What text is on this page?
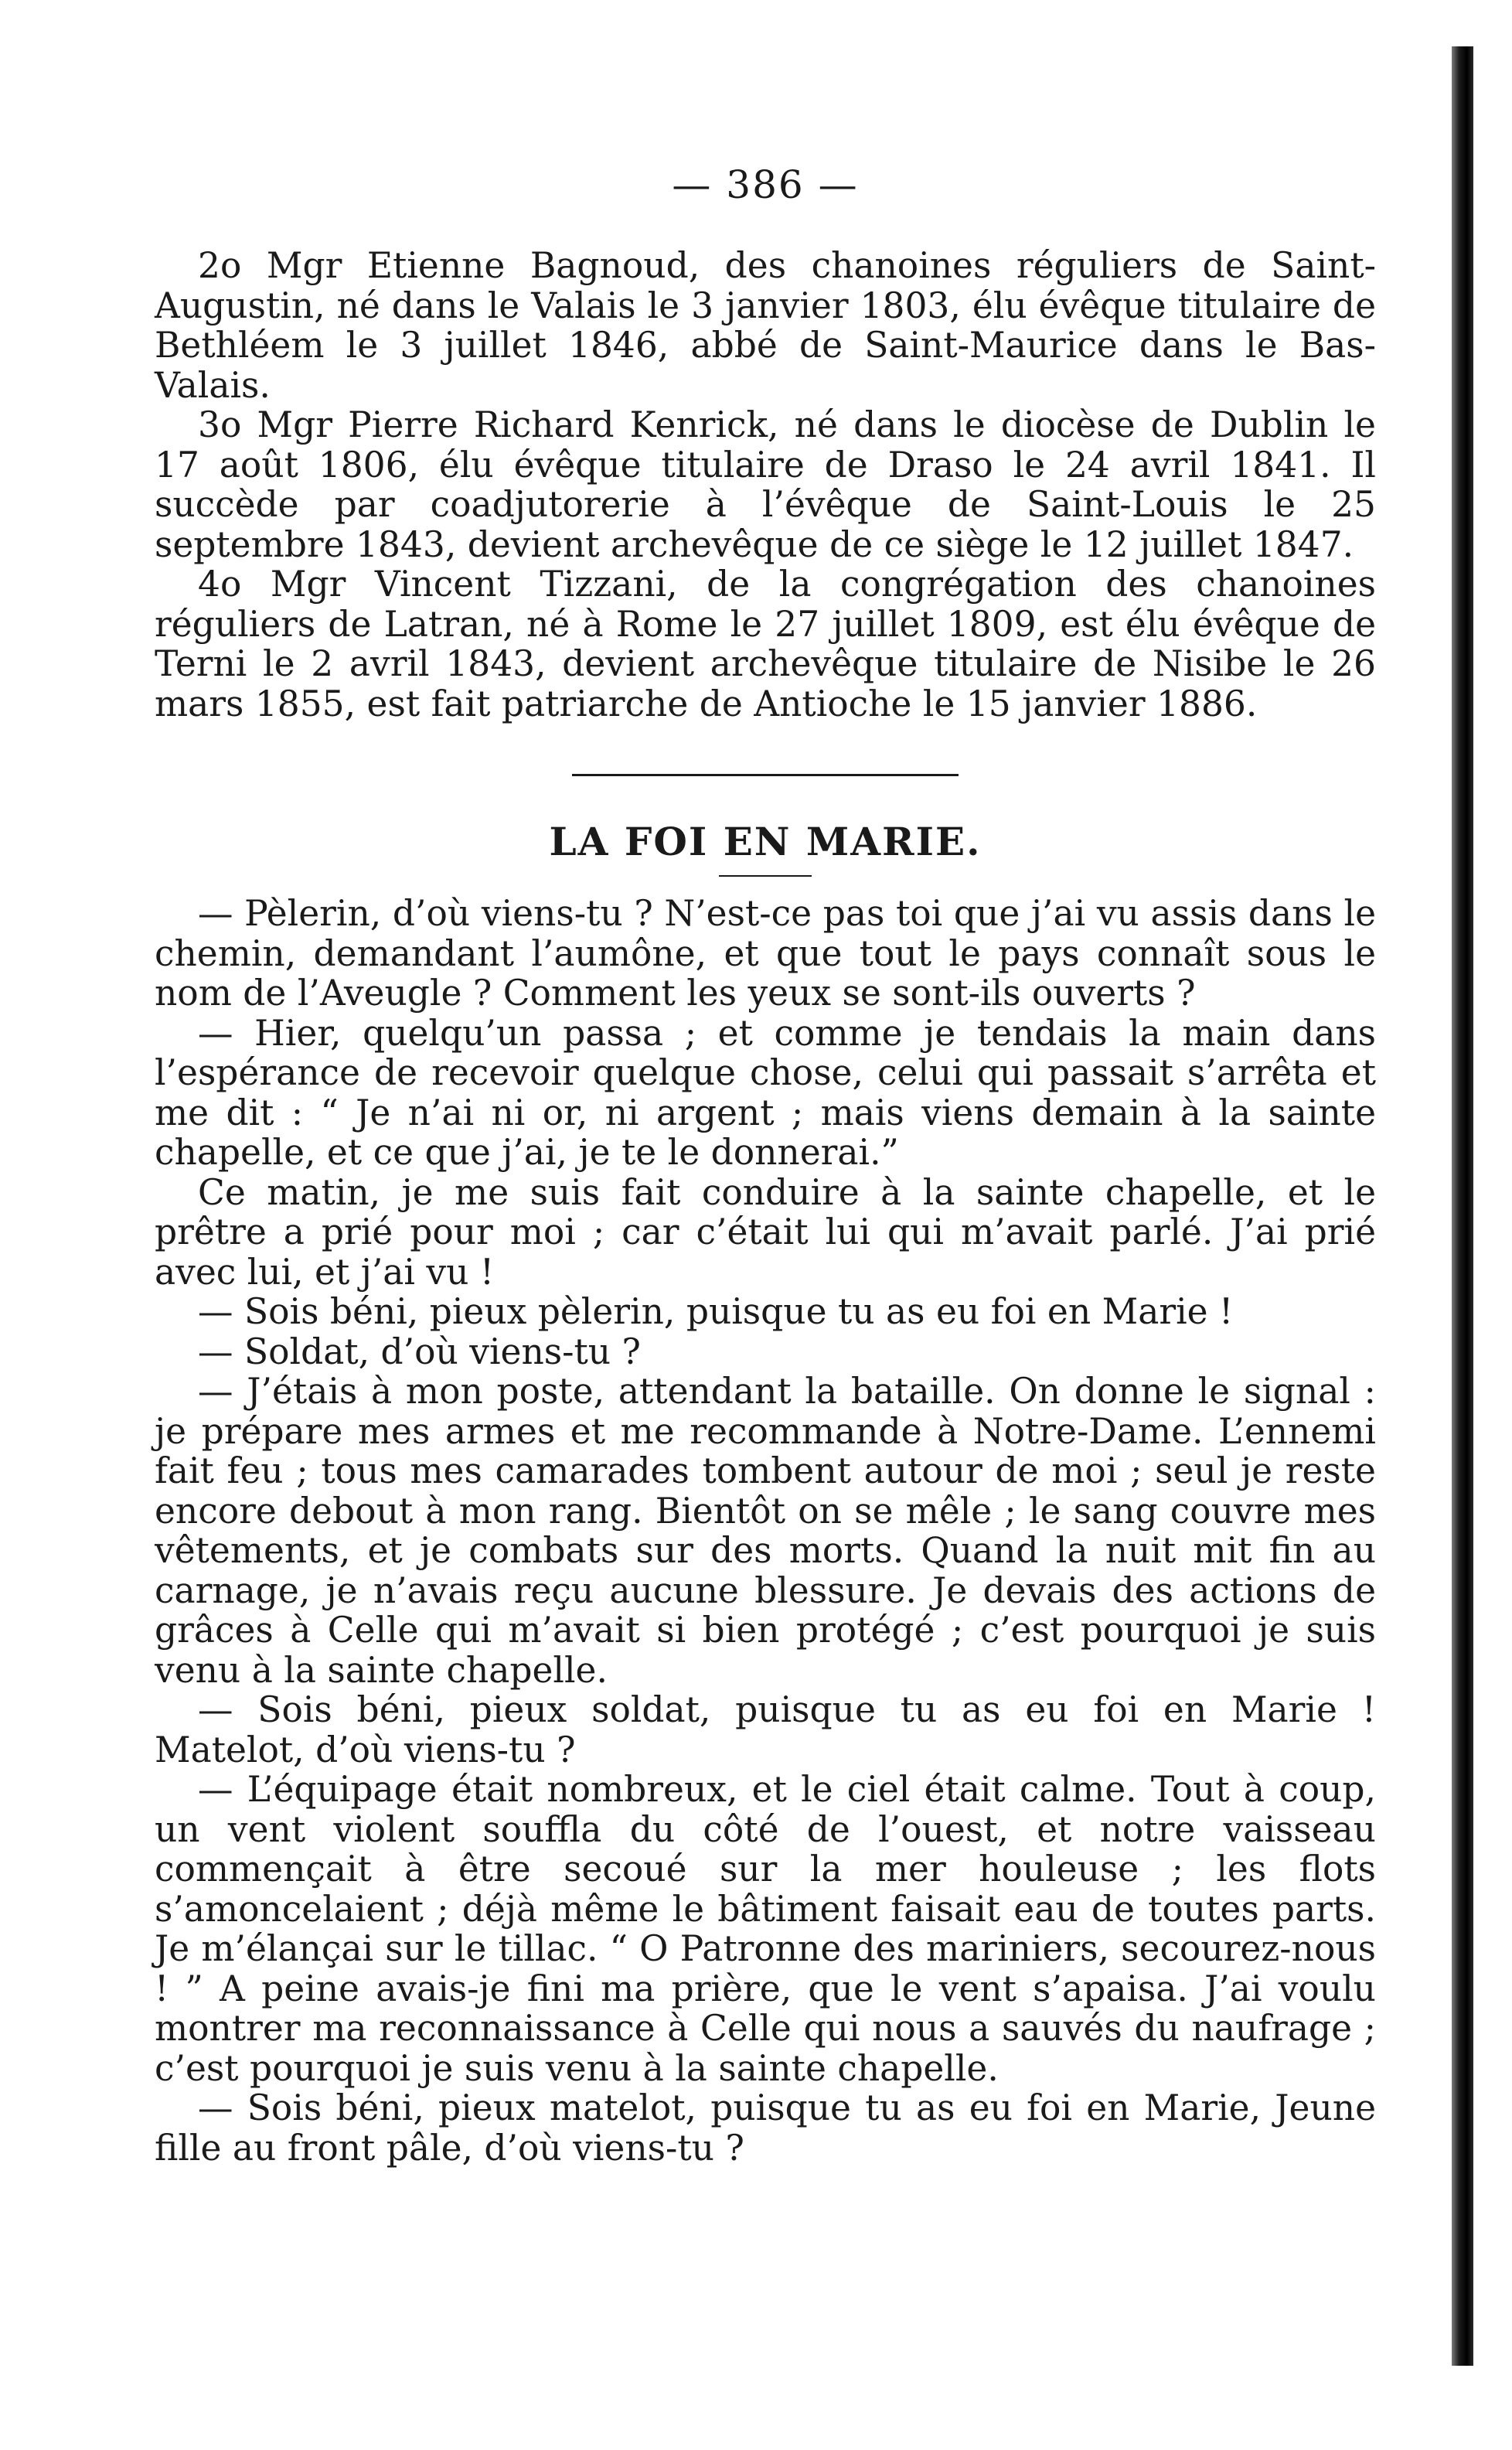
— 386 —

2o Mgr Etienne Bagnoud, des chanoines réguliers de Saint-Augustin, né dans le Valais le 3 janvier 1803, élu évêque titulaire de Bethléem le 3 juillet 1846, abbé de Saint-Maurice dans le Bas-Valais.

3o Mgr Pierre Richard Kenrick, né dans le diocèse de Dublin le 17 août 1806, élu évêque titulaire de Draso le 24 avril 1841. Il succède par coadjutorerie à l’évêque de Saint-Louis le 25 septembre 1843, devient archevêque de ce siège le 12 juillet 1847.

4o Mgr Vincent Tizzani, de la congrégation des chanoines réguliers de Latran, né à Rome le 27 juillet 1809, est élu évêque de Terni le 2 avril 1843, devient archevêque titulaire de Nisibe le 26 mars 1855, est fait patriarche de Antioche le 15 janvier 1886.

LA FOI EN MARIE.

— Pèlerin, d’où viens-tu ? N’est-ce pas toi que j’ai vu assis dans le chemin, demandant l’aumône, et que tout le pays connaît sous le nom de l’Aveugle ? Comment les yeux se sont-ils ouverts ?

— Hier, quelqu’un passa ; et comme je tendais la main dans l’espérance de recevoir quelque chose, celui qui passait s’arrêta et me dit : “ Je n’ai ni or, ni argent ; mais viens demain à la sainte chapelle, et ce que j’ai, je te le donnerai.”

Ce matin, je me suis fait conduire à la sainte chapelle, et le prêtre a prié pour moi ; car c’était lui qui m’avait parlé. J’ai prié avec lui, et j’ai vu !

— Sois béni, pieux pèlerin, puisque tu as eu foi en Marie !

— Soldat, d’où viens-tu ?

— J’étais à mon poste, attendant la bataille. On donne le signal : je prépare mes armes et me recommande à Notre-Dame. L’ennemi fait feu ; tous mes camarades tombent autour de moi ; seul je reste encore debout à mon rang. Bientôt on se mêle ; le sang couvre mes vêtements, et je combats sur des morts. Quand la nuit mit fin au carnage, je n’avais reçu aucune blessure. Je devais des actions de grâces à Celle qui m’avait si bien protégé ; c’est pourquoi je suis venu à la sainte chapelle.

— Sois béni, pieux soldat, puisque tu as eu foi en Marie ! Matelot, d’où viens-tu ?

— L’équipage était nombreux, et le ciel était calme. Tout à coup, un vent violent souffla du côté de l’ouest, et notre vaisseau commençait à être secoué sur la mer houleuse ; les flots s’amoncelaient ; déjà même le bâtiment faisait eau de toutes parts. Je m’élançai sur le tillac. “ O Patronne des mariniers, secourez-nous ! ” A peine avais-je fini ma prière, que le vent s’apaisa. J’ai voulu montrer ma reconnaissance à Celle qui nous a sauvés du naufrage ; c’est pourquoi je suis venu à la sainte chapelle.

— Sois béni, pieux matelot, puisque tu as eu foi en Marie, Jeune fille au front pâle, d’où viens-tu ?
